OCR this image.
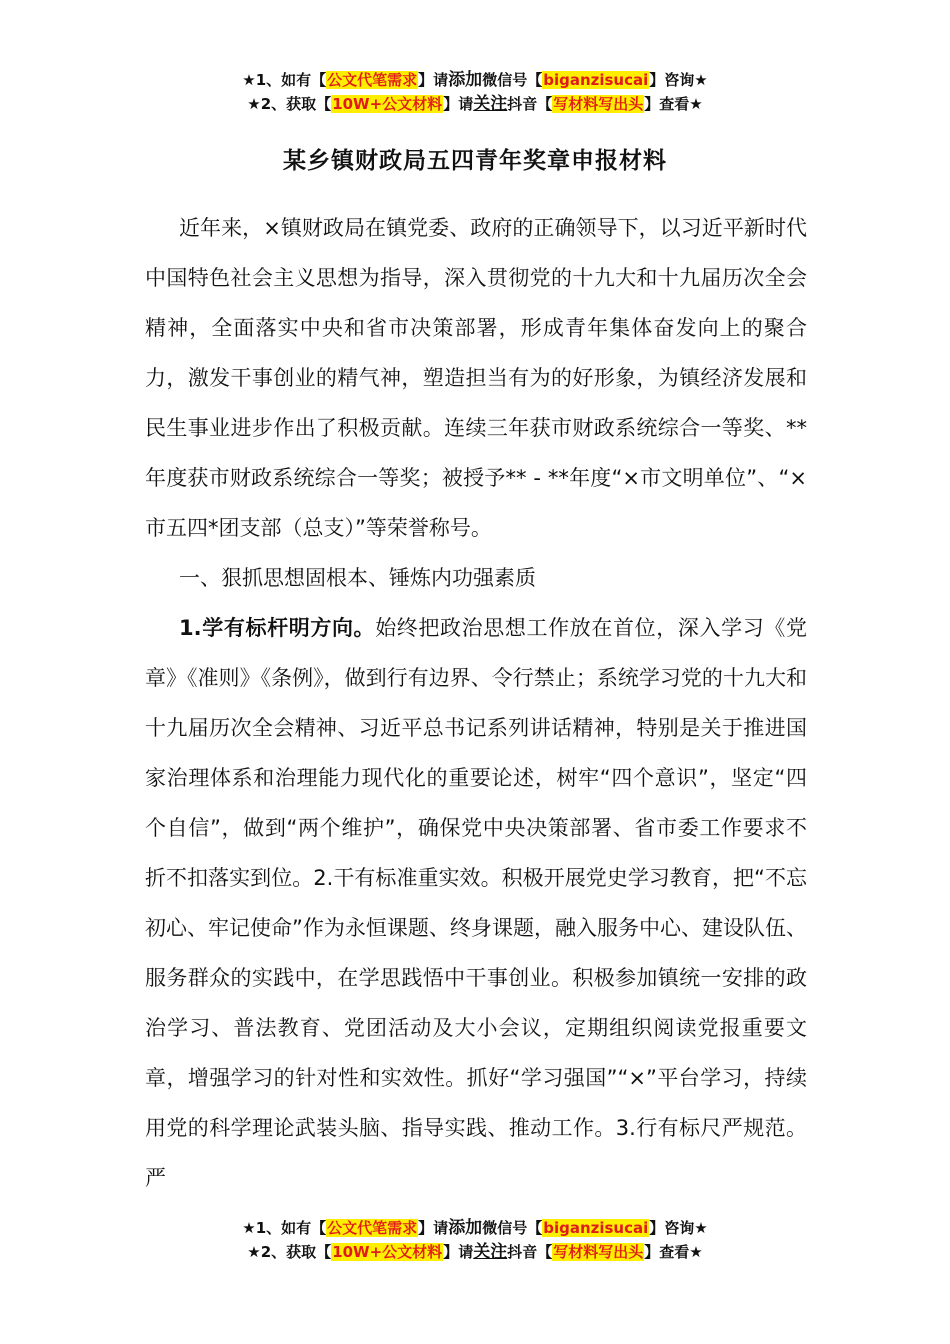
★1、如有【公文代笔需求】请添加微信号【biganzisucai】咨询★
★2、获取【10W+公文材料】请关注抖音【写材料写出头】查看★
某乡镇财政局五四青年奖章申报材料

近年来，×镇财政局在镇党委、政府的正确领导下，以习近平新时代中国特色社会主义思想为指导，深入贯彻党的十九大和十九届历次全会精神，全面落实中央和省市决策部署，形成青年集体奋发向上的聚合力，激发干事创业的精气神，塑造担当有为的好形象，为镇经济发展和民生事业进步作出了积极贡献。连续三年获市财政系统综合一等奖、**年度获市财政系统综合一等奖；被授予** - **年度“×市文明单位”、“×市五四*团支部（总支）”等荣誉称号。

一、狠抓思想固根本、锤炼内功强素质

1.学有标杆明方向。始终把政治思想工作放在首位，深入学习《党章》《准则》《条例》，做到行有边界、令行禁止；系统学习党的十九大和十九届历次全会精神、习近平总书记系列讲话精神，特别是关于推进国家治理体系和治理能力现代化的重要论述，树牢“四个意识”，坚定“四个自信”，做到“两个维护”，确保党中央决策部署、省市委工作要求不折不扣落实到位。2.干有标准重实效。积极开展党史学习教育，把“不忘初心、牢记使命”作为永恒课题、终身课题，融入服务中心、建设队伍、服务群众的实践中，在学思践悟中干事创业。积极参加镇统一安排的政治学习、普法教育、党团活动及大小会议，定期组织阅读党报重要文章，增强学习的针对性和实效性。抓好“学习强国”“×”平台学习，持续用党的科学理论武装头脑、指导实践、推动工作。3.行有标尺严规范。严

★1、如有【公文代笔需求】请添加微信号【biganzisucai】咨询★
★2、获取【10W+公文材料】请关注抖音【写材料写出头】查看★
